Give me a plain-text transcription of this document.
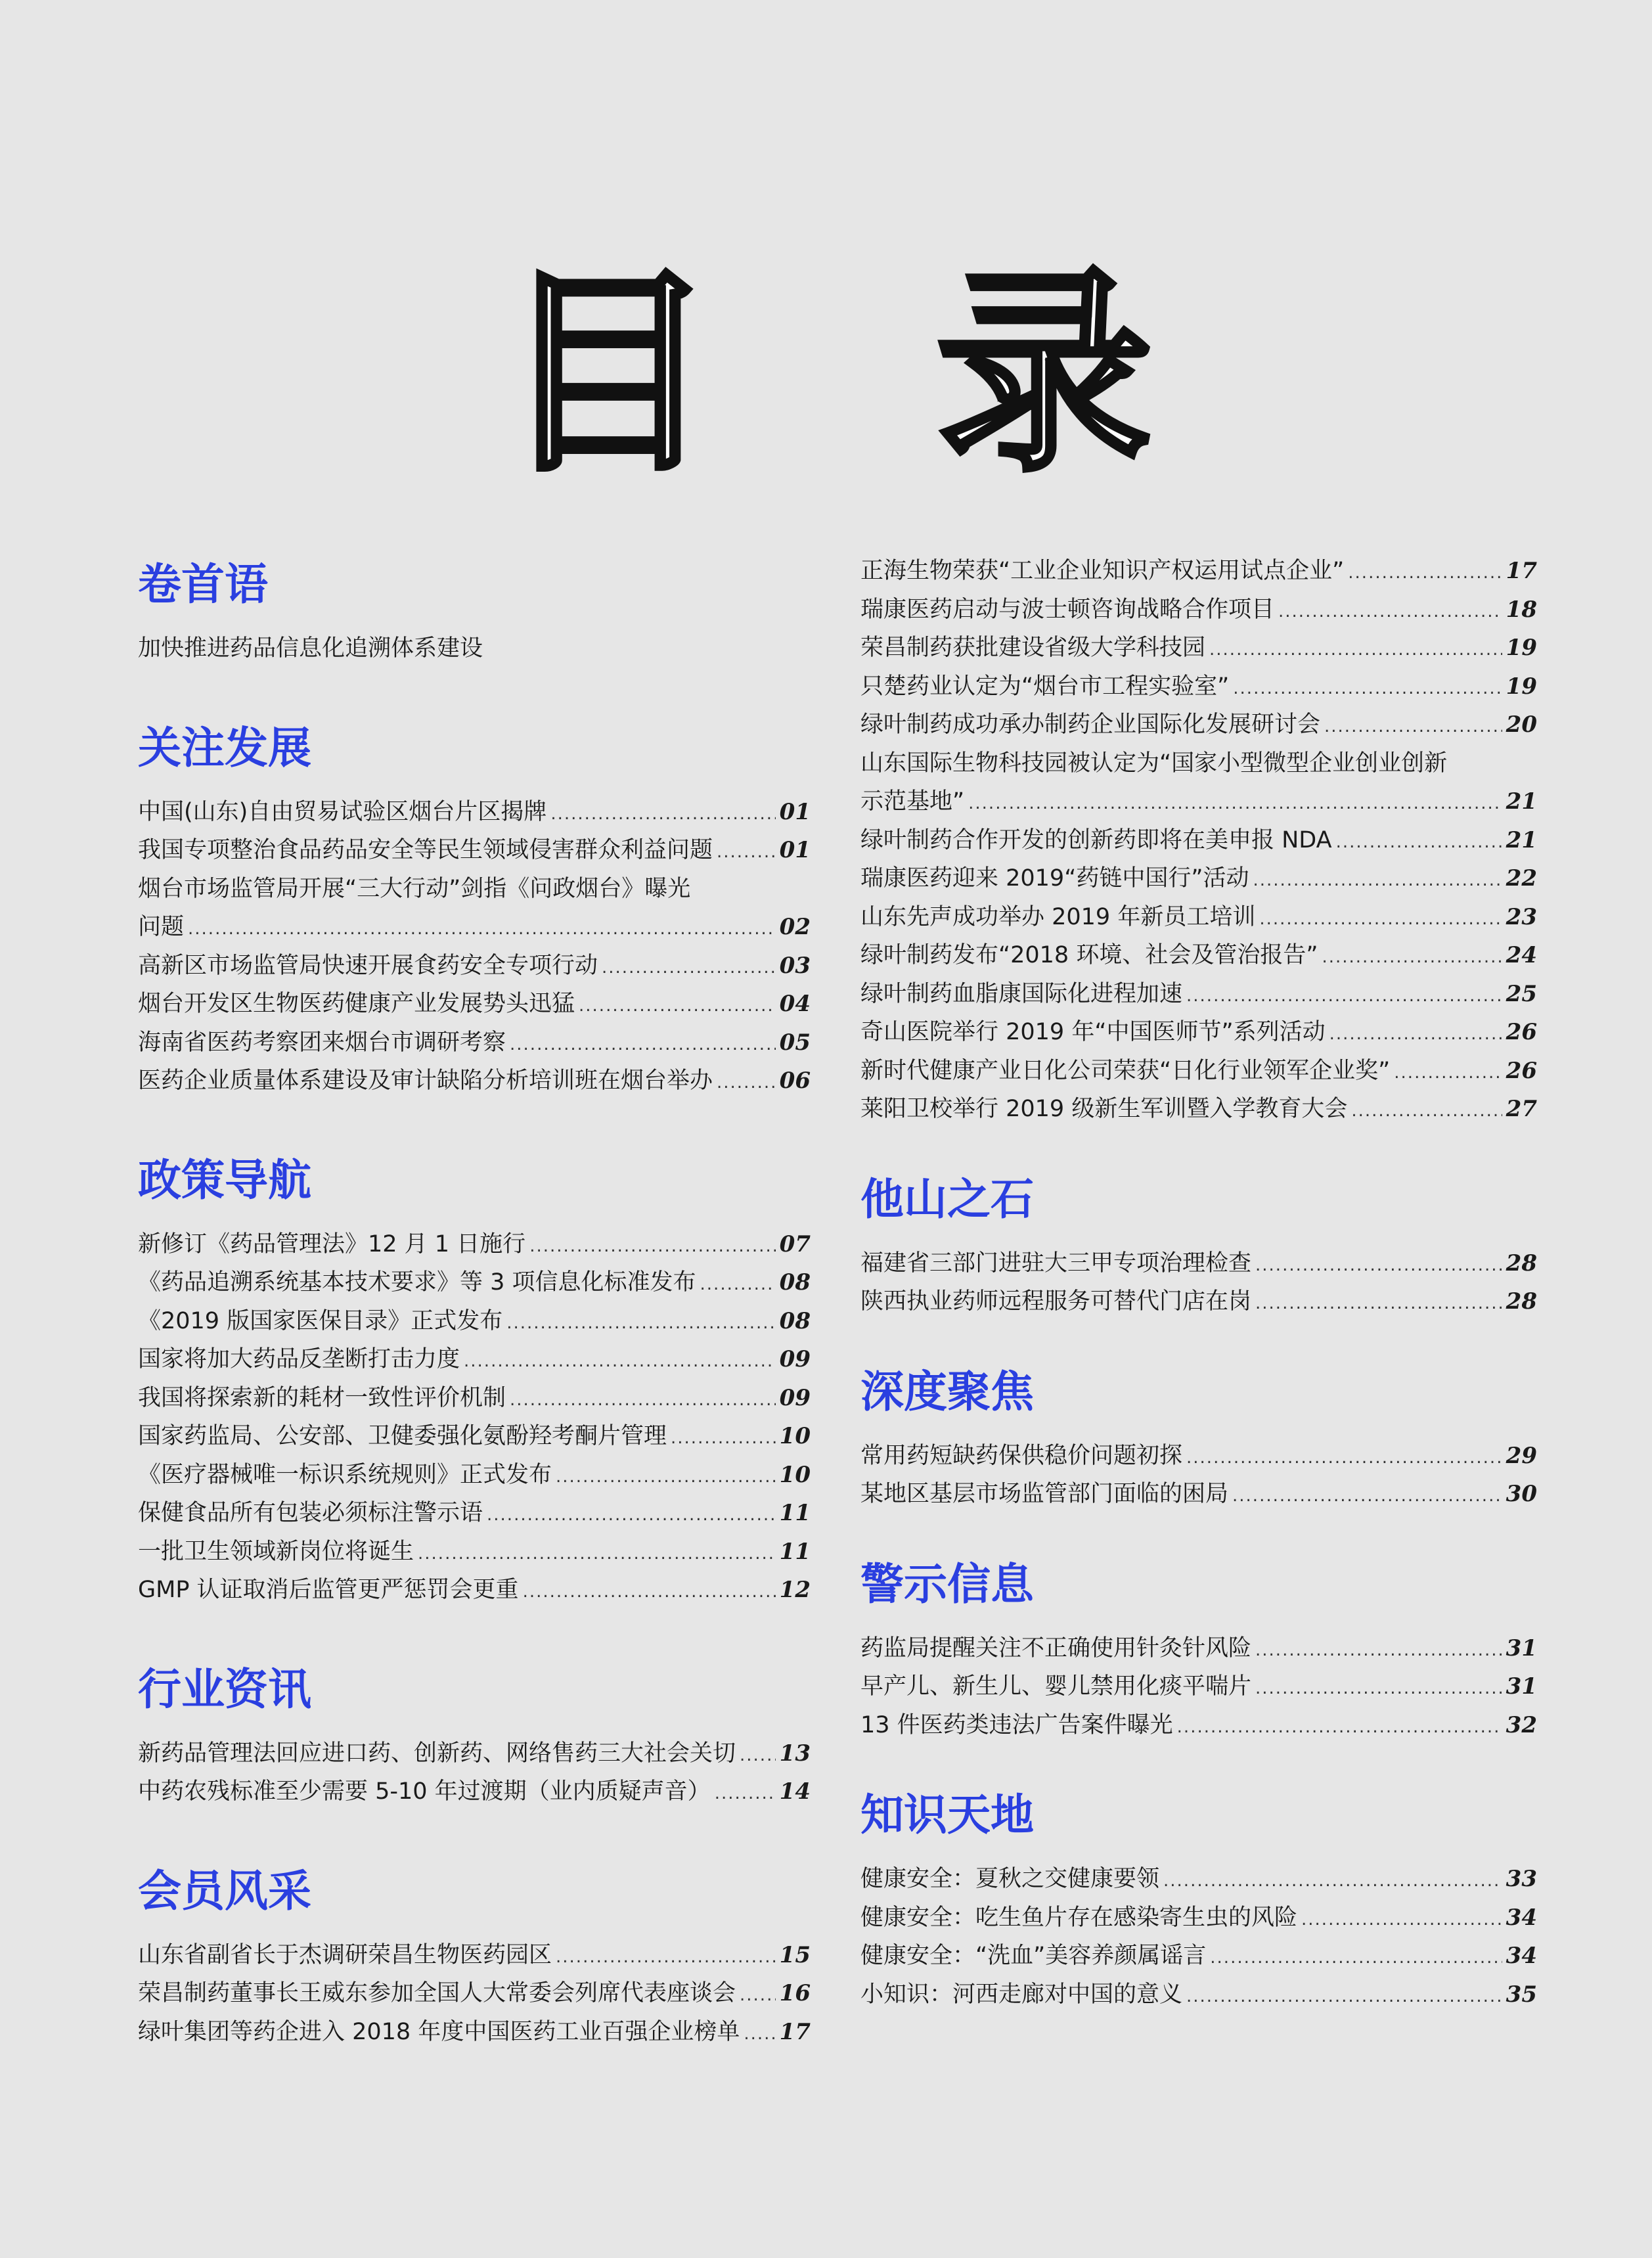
目 录
卷首语
加快推进药品信息化追溯体系建设
关注发展
中国(山东)自由贸易试验区烟台片区揭牌 .....	01
我国专项整治食品药品安全等民生领域侵害群众利益问题 .....	01
烟台市场监管局开展“三大行动”剑指《问政烟台》曝光
问题 .....	02
高新区市场监管局快速开展食药安全专项行动 .....	03
烟台开发区生物医药健康产业发展势头迅猛 .....	04
海南省医药考察团来烟台市调研考察 .....	05
医药企业质量体系建设及审计缺陷分析培训班在烟台举办 .....	06
政策导航
新修订《药品管理法》12 月 1 日施行 .....	07
《药品追溯系统基本技术要求》等 3 项信息化标准发布 .....	08
《2019 版国家医保目录》正式发布 .....	08
国家将加大药品反垄断打击力度 .....	09
我国将探索新的耗材一致性评价机制 .....	09
国家药监局、公安部、卫健委强化氨酚羟考酮片管理 .....	10
《医疗器械唯一标识系统规则》正式发布 .....	10
保健食品所有包装必须标注警示语 .....	11
一批卫生领域新岗位将诞生 .....	11
GMP 认证取消后监管更严惩罚会更重 .....	12
行业资讯
新药品管理法回应进口药、创新药、网络售药三大社会关切 ..... 13
中药农残标准至少需要 5-10 年过渡期（业内质疑声音） .....	14
会员风采
山东省副省长于杰调研荣昌生物医药园区 .....	15
荣昌制药董事长王威东参加全国人大常委会列席代表座谈会 ..... 16
绿叶集团等药企进入 2018 年度中国医药工业百强企业榜单 ..... 17
正海生物荣获“工业企业知识产权运用试点企业” .....	17
瑞康医药启动与波士顿咨询战略合作项目 .....	18
荣昌制药获批建设省级大学科技园 .....	19
只楚药业认定为“烟台市工程实验室” .....	19
绿叶制药成功承办制药企业国际化发展研讨会 .....	20
山东国际生物科技园被认定为“国家小型微型企业创业创新
示范基地” .....	21
绿叶制药合作开发的创新药即将在美申报 NDA .....	21
瑞康医药迎来 2019“药链中国行”活动 .....	22
山东先声成功举办 2019 年新员工培训 .....	23
绿叶制药发布“2018 环境、社会及管治报告” .....	24
绿叶制药血脂康国际化进程加速 .....	25
奇山医院举行 2019 年“中国医师节”系列活动 .....	26
新时代健康产业日化公司荣获“日化行业领军企业奖” .....	26
莱阳卫校举行 2019 级新生军训暨入学教育大会 .....	27
他山之石
福建省三部门进驻大三甲专项治理检查 .....	28
陕西执业药师远程服务可替代门店在岗 .....	28
深度聚焦
常用药短缺药保供稳价问题初探 .....	29
某地区基层市场监管部门面临的困局 .....	30
警示信息
药监局提醒关注不正确使用针灸针风险 .....	31
早产儿、新生儿、婴儿禁用化痰平喘片 .....	31
13 件医药类违法广告案件曝光 .....	32
知识天地
健康安全：夏秋之交健康要领 .....	33
健康安全：吃生鱼片存在感染寄生虫的风险 .....	34
健康安全：“洗血”美容养颜属谣言 .....	34
小知识：河西走廊对中国的意义 .....	35
